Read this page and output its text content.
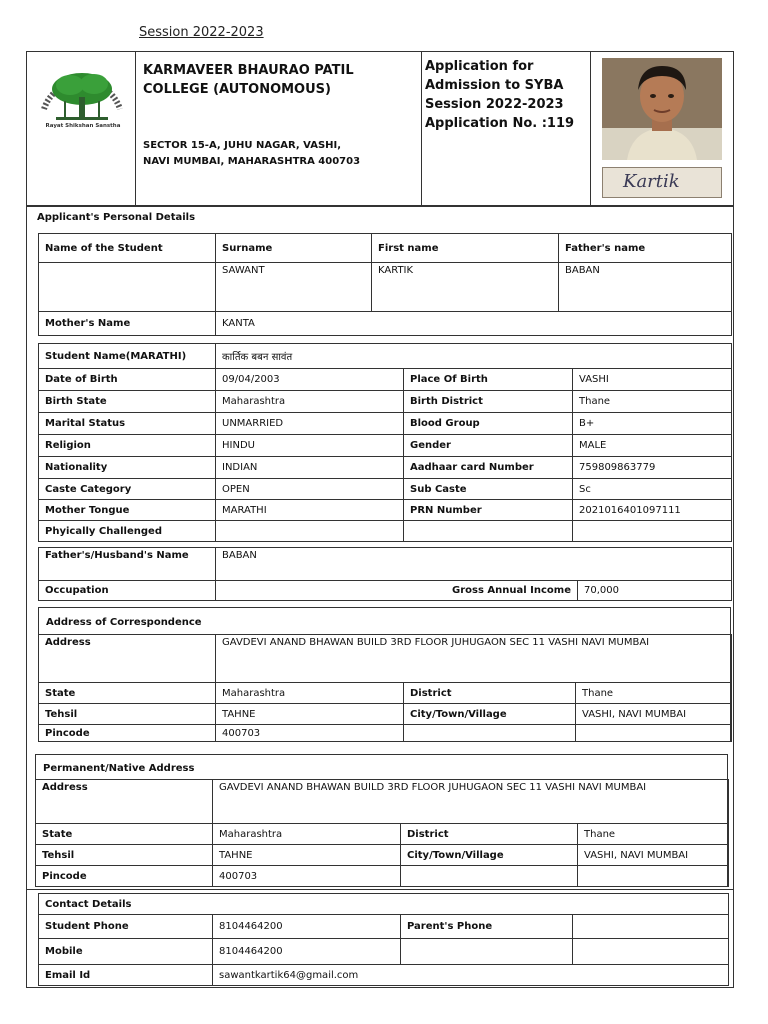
Session 2022-2023
Rayat Shikshan Sanstha
KARMAVEER BHAURAO PATIL
COLLEGE (AUTONOMOUS)
SECTOR 15-A, JUHU NAGAR, VASHI,
NAVI MUMBAI, MAHARASHTRA 400703
Application for
Admission to SYBA
Session 2022-2023
Application No. :119
Kartik
Applicant's Personal Details
Name of the Student	Surname	First name	Father's name
	SAWANT	KARTIK	BABAN
Mother's Name	KANTA
Student Name(MARATHI)	कार्तिक बबन सावंत		
Date of Birth	09/04/2003	Place Of Birth	VASHI
Birth State	Maharashtra	Birth District	Thane
Marital Status	UNMARRIED	Blood Group	B+
Religion	HINDU	Gender	MALE
Nationality	INDIAN	Aadhaar card Number	759809863779
Caste Category	OPEN	Sub Caste	Sc
Mother Tongue	MARATHI	PRN Number	2021016401097111
Phyically Challenged			
Father's/Husband's Name	BABAN	
Occupation	Gross Annual Income	70,000
Address of Correspondence
Address	GAVDEVI ANAND BHAWAN BUILD 3RD FLOOR JUHUGAON SEC 11 VASHI NAVI MUMBAI		
State	Maharashtra	District	Thane
Tehsil	TAHNE	City/Town/Village	VASHI, NAVI MUMBAI
Pincode	400703		
Permanent/Native Address
Address	GAVDEVI ANAND BHAWAN BUILD 3RD FLOOR JUHUGAON SEC 11 VASHI NAVI MUMBAI		
State	Maharashtra	District	Thane
Tehsil	TAHNE	City/Town/Village	VASHI, NAVI MUMBAI
Pincode	400703		
Contact Details			
Student Phone	8104464200	Parent's Phone	
Mobile	8104464200		
Email Id	sawantkartik64@gmail.com		
